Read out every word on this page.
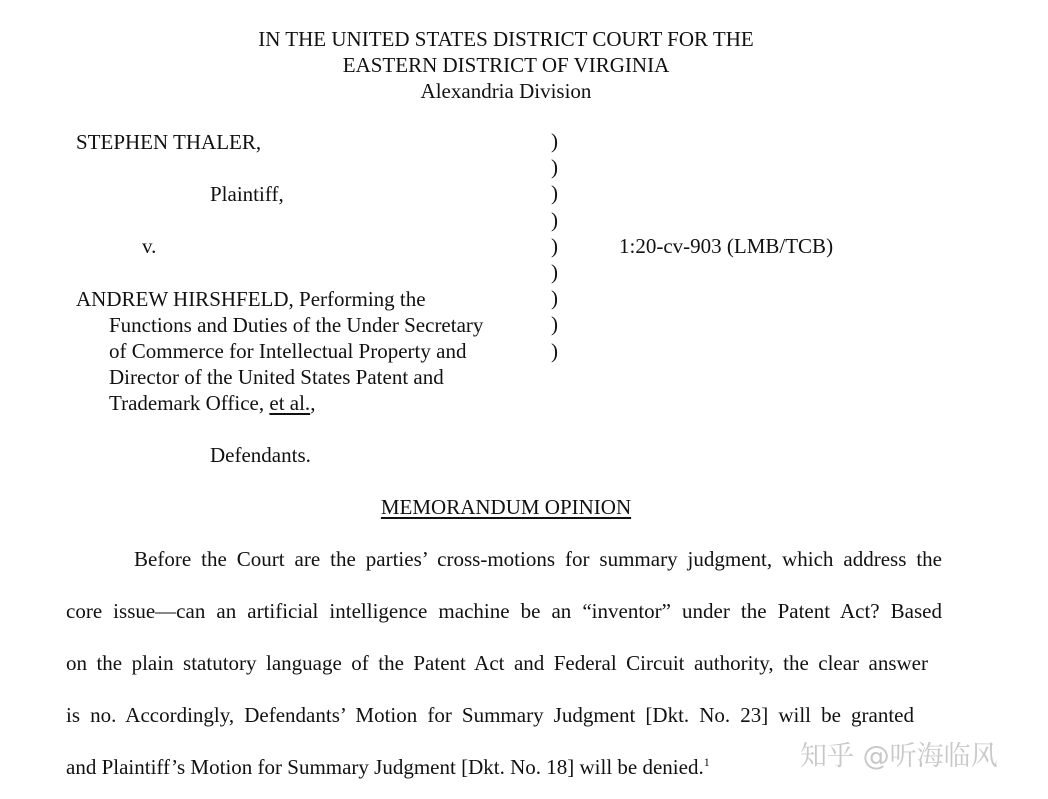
IN THE UNITED STATES DISTRICT COURT FOR THE
EASTERN DISTRICT OF VIRGINIA
Alexandria Division
STEPHEN THALER,
Plaintiff,
v.
ANDREW HIRSHFELD, Performing the
Functions and Duties of the Under Secretary
of Commerce for Intellectual Property and
Director of the United States Patent and
Trademark Office, et al.,
Defendants.
)
)
)
)
)
)
)
)
)
1:20-cv-903 (LMB/TCB)
MEMORANDUM OPINION
Before the Court are the parties’ cross-motions for summary judgment, which address the
core issue—can an artificial intelligence machine be an “inventor” under the Patent Act? Based
on the plain statutory language of the Patent Act and Federal Circuit authority, the clear answer
is no. Accordingly, Defendants’ Motion for Summary Judgment [Dkt. No. 23] will be granted
and Plaintiff’s Motion for Summary Judgment [Dkt. No. 18] will be denied.$^1$	知乎 @听海临风
